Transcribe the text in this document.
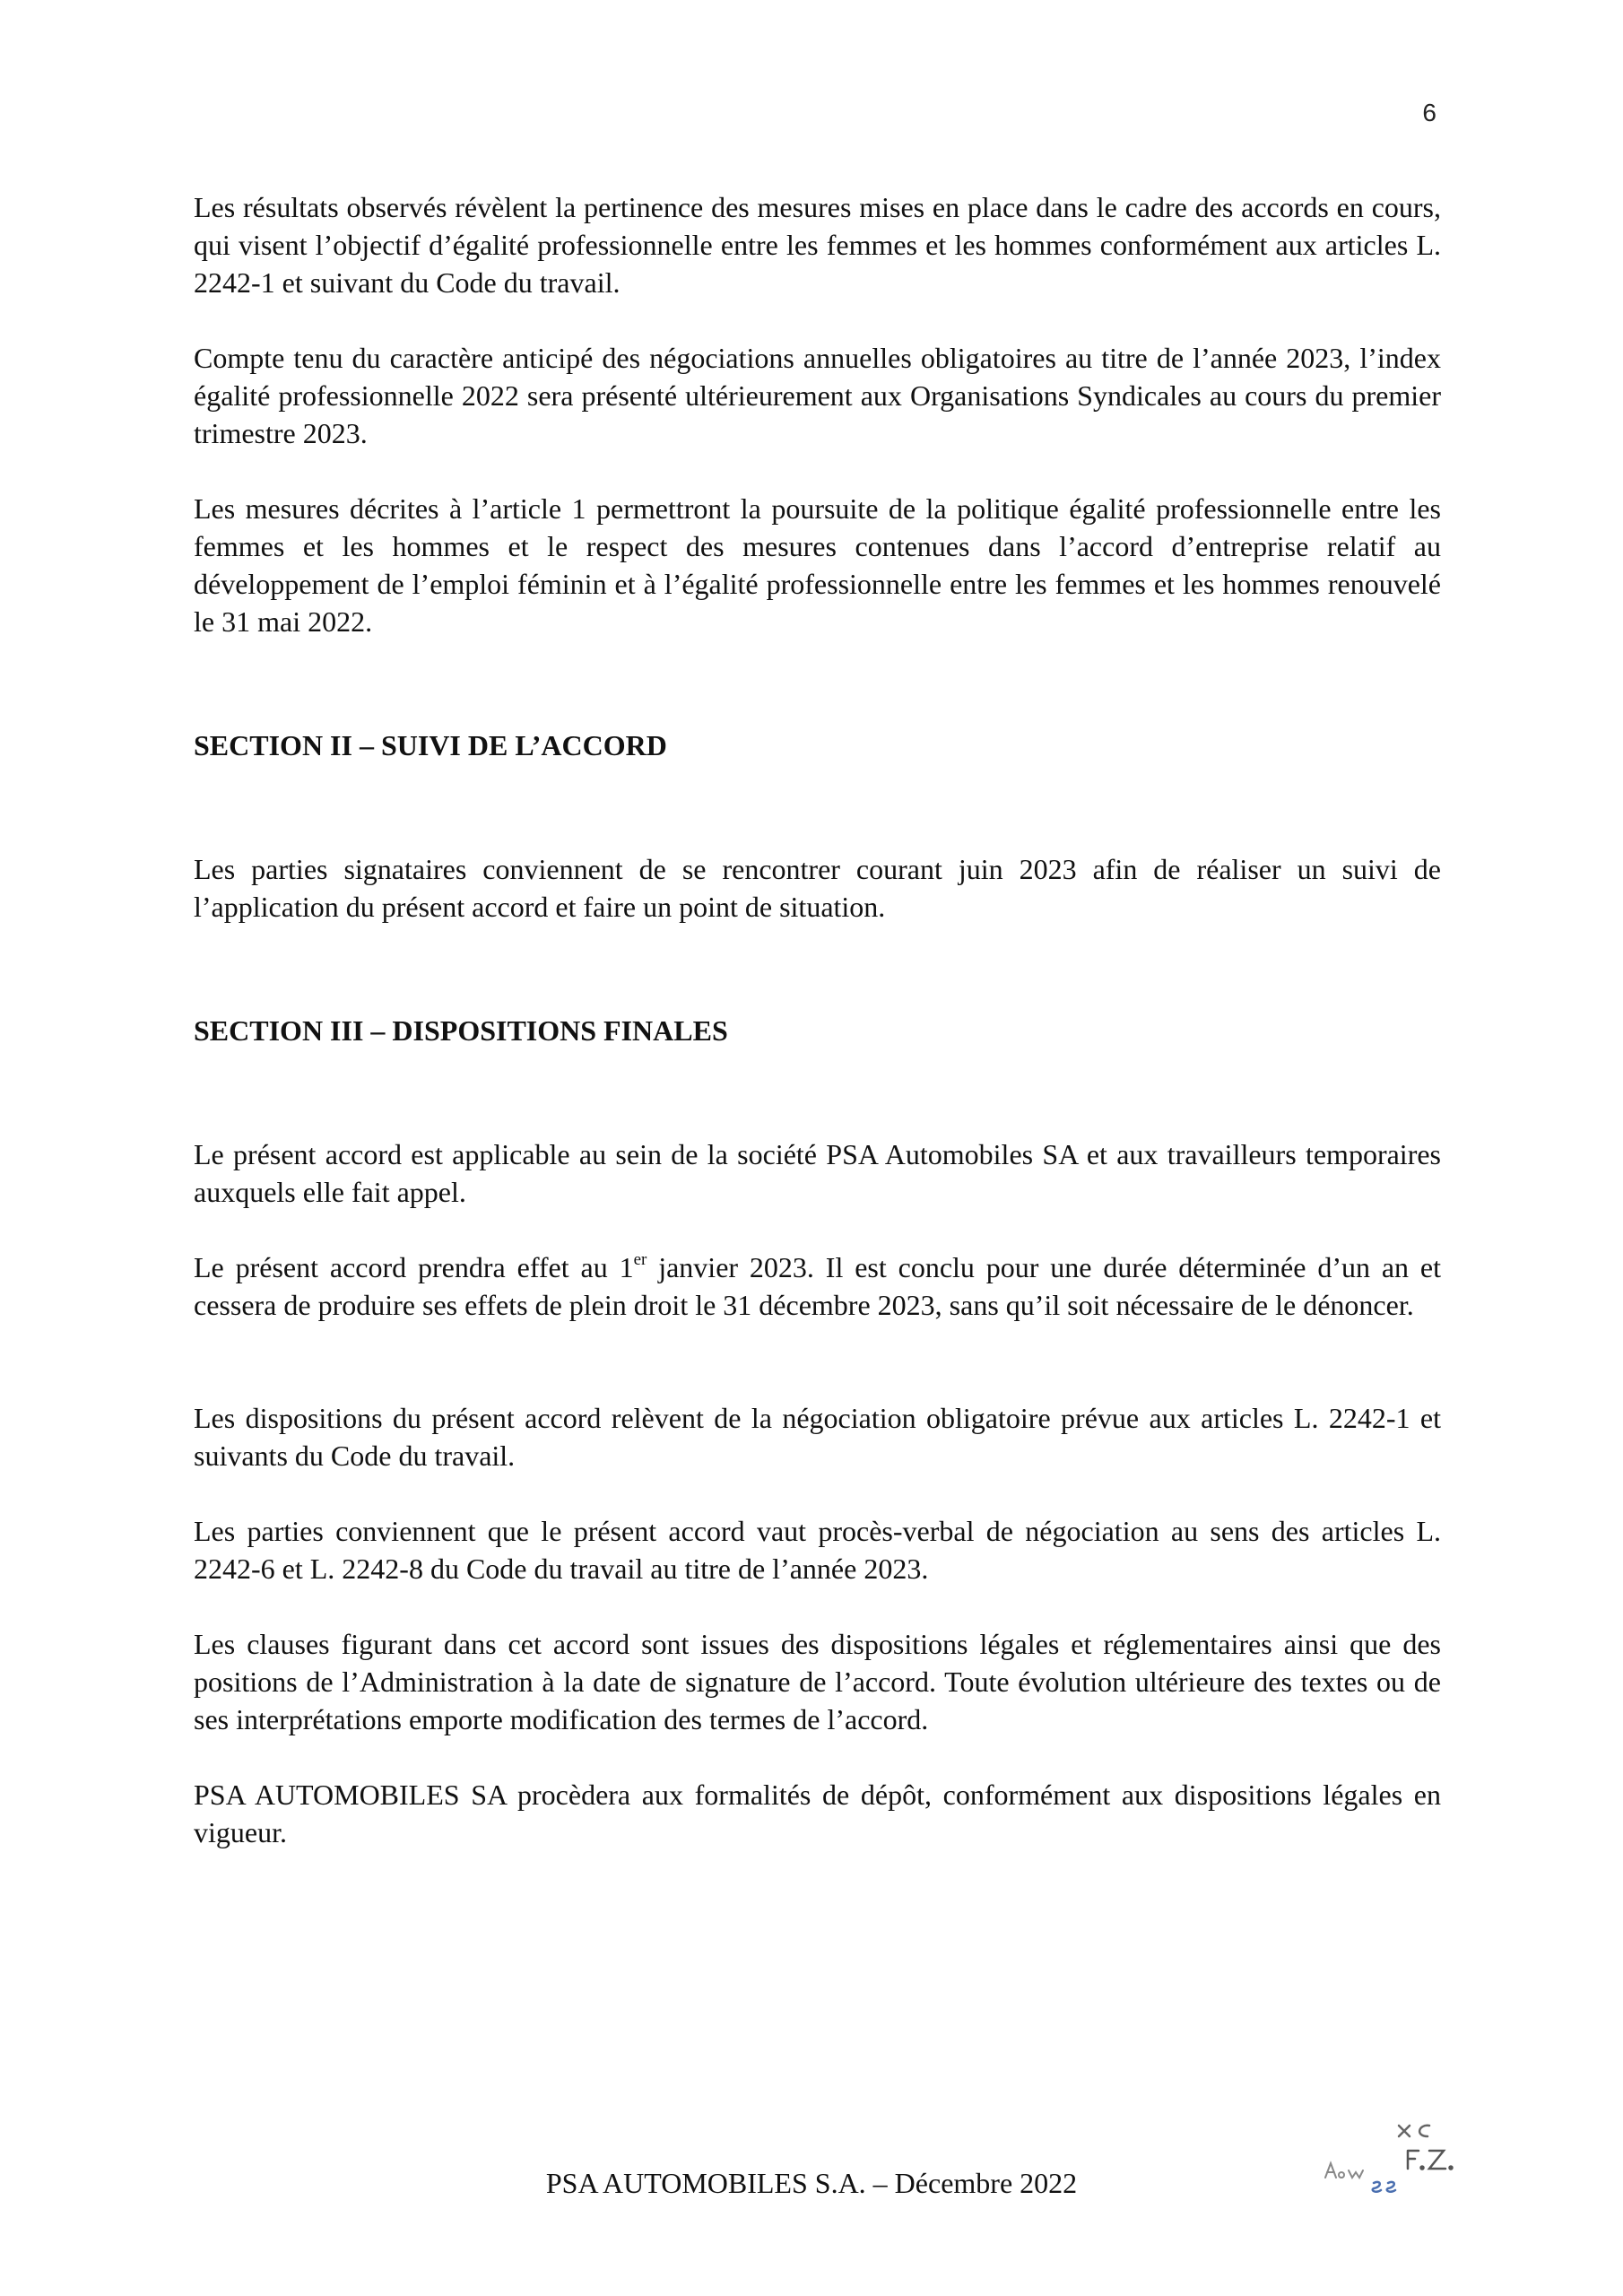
6

Les résultats observés révèlent la pertinence des mesures mises en place dans le cadre des accords en cours, qui visent l’objectif d’égalité professionnelle entre les femmes et les hommes conformément aux articles L. 2242-1 et suivant du Code du travail.

Compte tenu du caractère anticipé des négociations annuelles obligatoires au titre de l’année 2023, l’index égalité professionnelle 2022 sera présenté ultérieurement aux Organisations Syndicales au cours du premier trimestre 2023.

Les mesures décrites à l’article 1 permettront la poursuite de la politique égalité professionnelle entre les femmes et les hommes et le respect des mesures contenues dans l’accord d’entreprise relatif au développement de l’emploi féminin et à l’égalité professionnelle entre les femmes et les hommes renouvelé le 31 mai 2022.

SECTION II – SUIVI DE L’ACCORD

Les parties signataires conviennent de se rencontrer courant juin 2023 afin de réaliser un suivi de l’application du présent accord et faire un point de situation.

SECTION III – DISPOSITIONS FINALES

Le présent accord est applicable au sein de la société PSA Automobiles SA et aux travailleurs temporaires auxquels elle fait appel.

Le présent accord prendra effet au 1er janvier 2023. Il est conclu pour une durée déterminée d’un an et cessera de produire ses effets de plein droit le 31 décembre 2023, sans qu’il soit nécessaire de le dénoncer.

Les dispositions du présent accord relèvent de la négociation obligatoire prévue aux articles L. 2242-1 et suivants du Code du travail.

Les parties conviennent que le présent accord vaut procès-verbal de négociation au sens des articles L. 2242-6 et L. 2242-8 du Code du travail au titre de l’année 2023.

Les clauses figurant dans cet accord sont issues des dispositions légales et réglementaires ainsi que des positions de l’Administration à la date de signature de l’accord. Toute évolution ultérieure des textes ou de ses interprétations emporte modification des termes de l’accord.

PSA AUTOMOBILES SA procèdera aux formalités de dépôt, conformément aux dispositions légales en vigueur.

PSA AUTOMOBILES S.A. – Décembre 2022
